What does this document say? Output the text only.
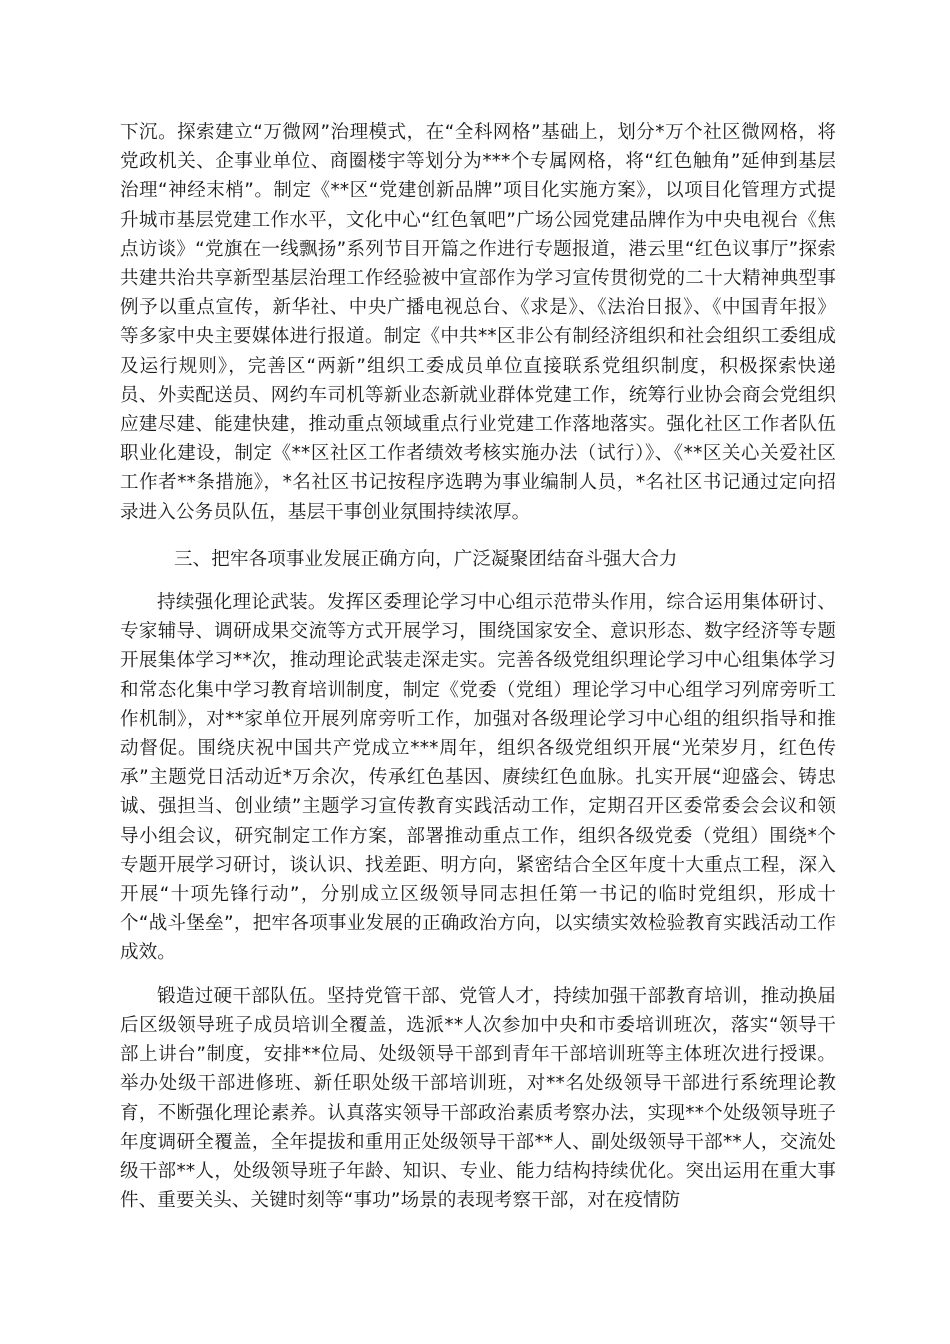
下沉。探索建立“万微网”治理模式，在“全科网格”基础上，划分*万个社区微网格，将党政机关、企事业单位、商圈楼宇等划分为***个专属网格，将“红色触角”延伸到基层治理“神经末梢”。制定《**区“党建创新品牌”项目化实施方案》，以项目化管理方式提升城市基层党建工作水平，文化中心“红色氧吧”广场公园党建品牌作为中央电视台《焦点访谈》“党旗在一线飘扬”系列节目开篇之作进行专题报道，港云里“红色议事厅”探索共建共治共享新型基层治理工作经验被中宣部作为学习宣传贯彻党的二十大精神典型事例予以重点宣传，新华社、中央广播电视总台、《求是》、《法治日报》、《中国青年报》等多家中央主要媒体进行报道。制定《中共**区非公有制经济组织和社会组织工委组成及运行规则》，完善区“两新”组织工委成员单位直接联系党组织制度，积极探索快递员、外卖配送员、网约车司机等新业态新就业群体党建工作，统筹行业协会商会党组织应建尽建、能建快建，推动重点领域重点行业党建工作落地落实。强化社区工作者队伍职业化建设，制定《**区社区工作者绩效考核实施办法（试行）》、《**区关心关爱社区工作者**条措施》，*名社区书记按程序选聘为事业编制人员，*名社区书记通过定向招录进入公务员队伍，基层干事创业氛围持续浓厚。

三、把牢各项事业发展正确方向，广泛凝聚团结奋斗强大合力

持续强化理论武装。发挥区委理论学习中心组示范带头作用，综合运用集体研讨、专家辅导、调研成果交流等方式开展学习，围绕国家安全、意识形态、数字经济等专题开展集体学习**次，推动理论武装走深走实。完善各级党组织理论学习中心组集体学习和常态化集中学习教育培训制度，制定《党委（党组）理论学习中心组学习列席旁听工作机制》，对**家单位开展列席旁听工作，加强对各级理论学习中心组的组织指导和推动督促。围绕庆祝中国共产党成立***周年，组织各级党组织开展“光荣岁月，红色传承”主题党日活动近*万余次，传承红色基因、赓续红色血脉。扎实开展“迎盛会、铸忠诚、强担当、创业绩”主题学习宣传教育实践活动工作，定期召开区委常委会会议和领导小组会议，研究制定工作方案，部署推动重点工作，组织各级党委（党组）围绕*个专题开展学习研讨，谈认识、找差距、明方向，紧密结合全区年度十大重点工程，深入开展“十项先锋行动”，分别成立区级领导同志担任第一书记的临时党组织，形成十个“战斗堡垒”，把牢各项事业发展的正确政治方向，以实绩实效检验教育实践活动工作成效。

锻造过硬干部队伍。坚持党管干部、党管人才，持续加强干部教育培训，推动换届后区级领导班子成员培训全覆盖，选派**人次参加中央和市委培训班次，落实“领导干部上讲台”制度，安排**位局、处级领导干部到青年干部培训班等主体班次进行授课。举办处级干部进修班、新任职处级干部培训班，对**名处级领导干部进行系统理论教育，不断强化理论素养。认真落实领导干部政治素质考察办法，实现**个处级领导班子年度调研全覆盖，全年提拔和重用正处级领导干部**人、副处级领导干部**人，交流处级干部**人，处级领导班子年龄、知识、专业、能力结构持续优化。突出运用在重大事件、重要关头、关键时刻等“事功”场景的表现考察干部，对在疫情防
